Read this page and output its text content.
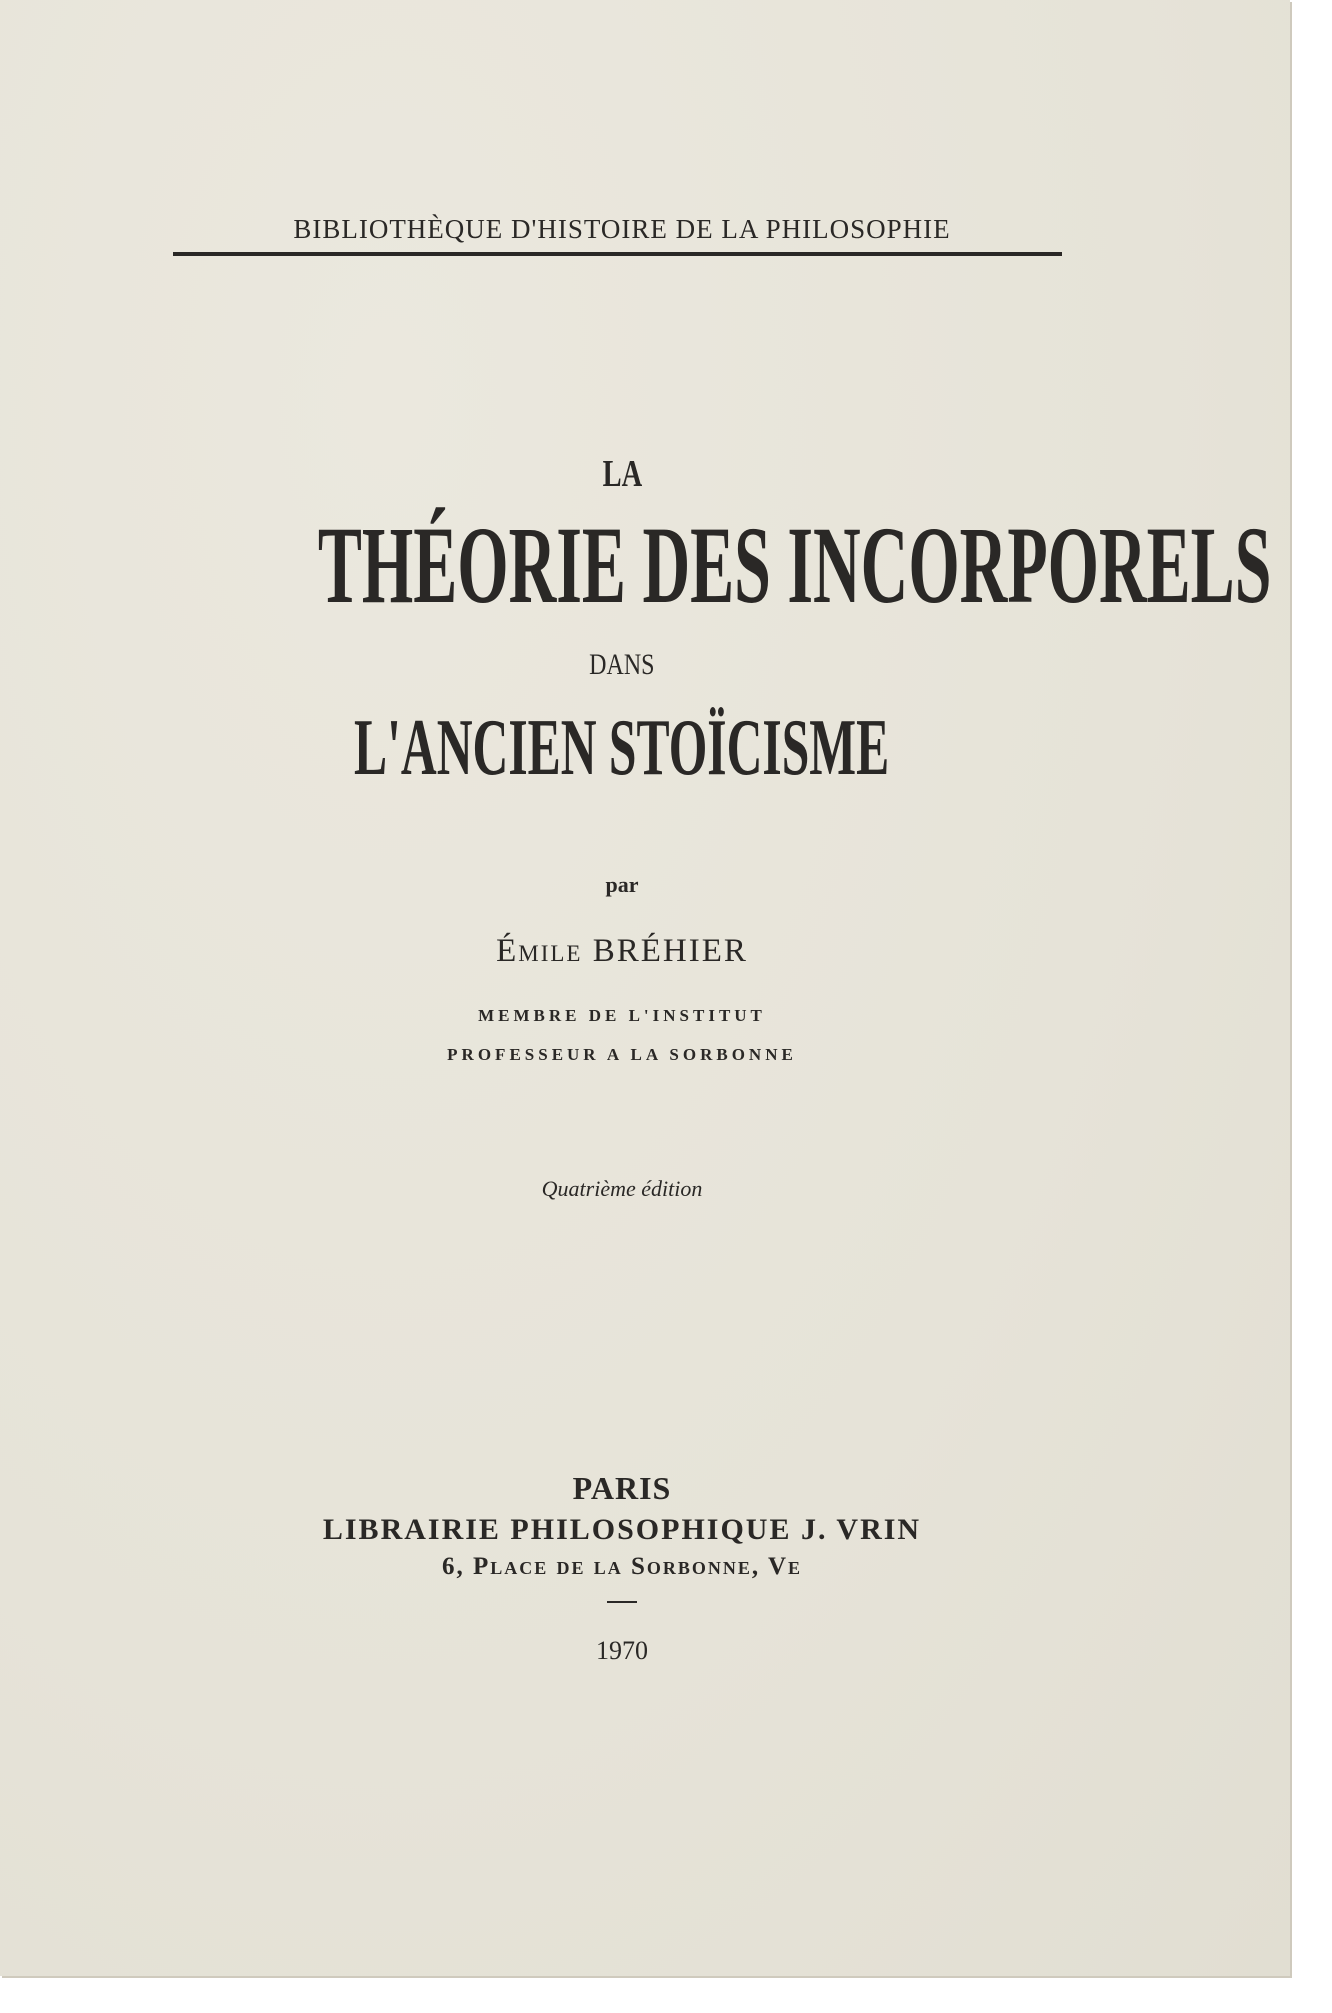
BIBLIOTHÈQUE D'HISTOIRE DE LA PHILOSOPHIE
LA
THÉORIE DES INCORPORELS
DANS
L'ANCIEN STOÏCISME
par
Émile BRÉHIER
MEMBRE DE L'INSTITUT
PROFESSEUR A LA SORBONNE
Quatrième édition
PARIS
LIBRAIRIE PHILOSOPHIQUE J. VRIN
6, Place de la Sorbonne, Ve
1970
